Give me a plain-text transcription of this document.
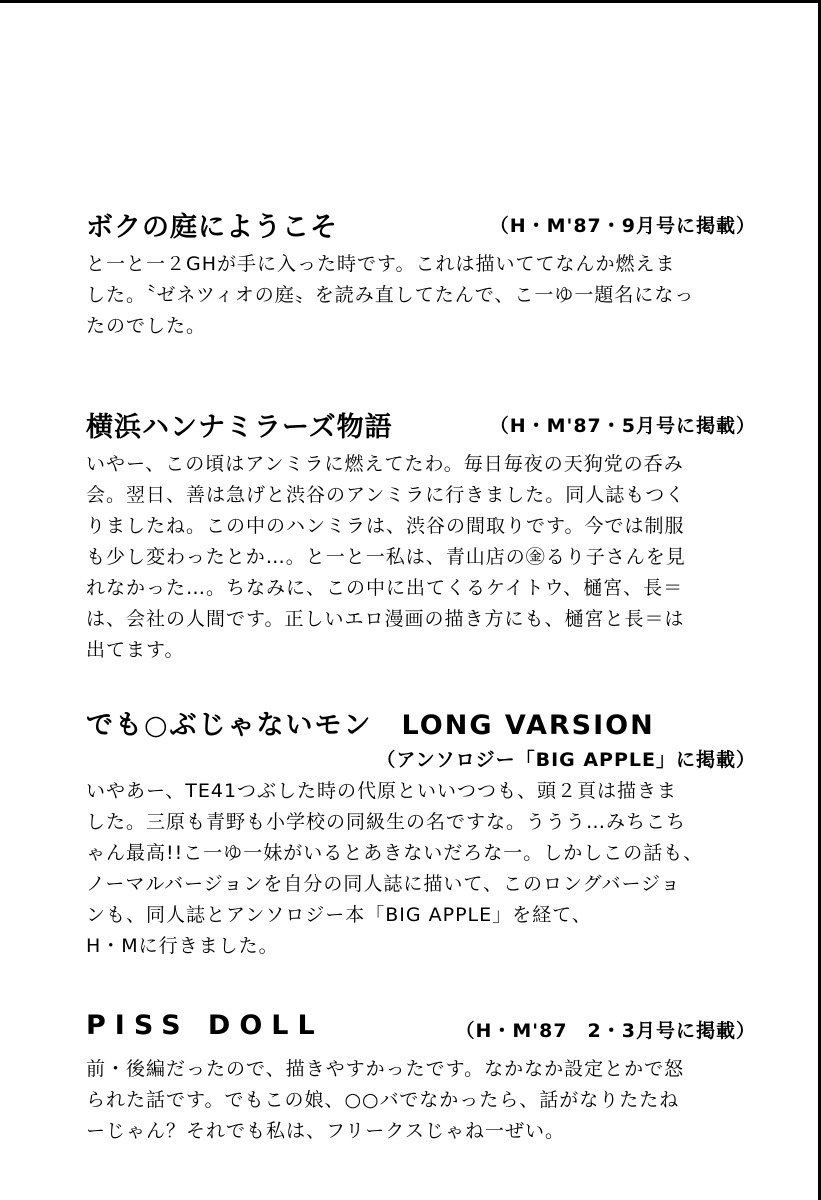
ボクの庭にようこそ	（H・M'87・9月号に掲載）
と一と一２GHが手に入った時です。これは描いててなんか燃えま
した。〝ゼネツィオの庭〟を読み直してたんで、こ一ゆ一題名になっ
たのでした。
横浜ハンナミラーズ物語	（H・M'87・5月号に掲載）
いやー、この頃はアンミラに燃えてたわ。毎日毎夜の天狗党の呑み
会。翌日、善は急げと渋谷のアンミラに行きました。同人誌もつく
りましたね。この中のハンミラは、渋谷の間取りです。今では制服
も少し変わったとか…。と一と一私は、青山店の㊎るり子さんを見
れなかった…。ちなみに、この中に出てくるケイトウ、樋宮、長＝
は、会社の人間です。正しいエロ漫画の描き方にも、樋宮と長＝は
出てます。
でも○ぶじゃないモン　LONG VARSION
（アンソロジー「BIG APPLE」に掲載）
いやあー、TE41つぶした時の代原といいつつも、頭２頁は描きま
した。三原も青野も小学校の同級生の名ですな。ううう…みちこち
ゃん最高!!こ一ゆ一妹がいるとあきないだろな一。しかしこの話も、
ノーマルバージョンを自分の同人誌に描いて、このロングバージョ
ンも、同人誌とアンソロジー本「BIG APPLE」を経て、
H・Mに行きました。
PISS DOLL	（H・M'87　2・3月号に掲載）
前・後編だったので、描きやすかったです。なかなか設定とかで怒
られた話です。でもこの娘、○○バでなかったら、話がなりたたね
ーじゃん？それでも私は、フリークスじゃね一ぜい。
